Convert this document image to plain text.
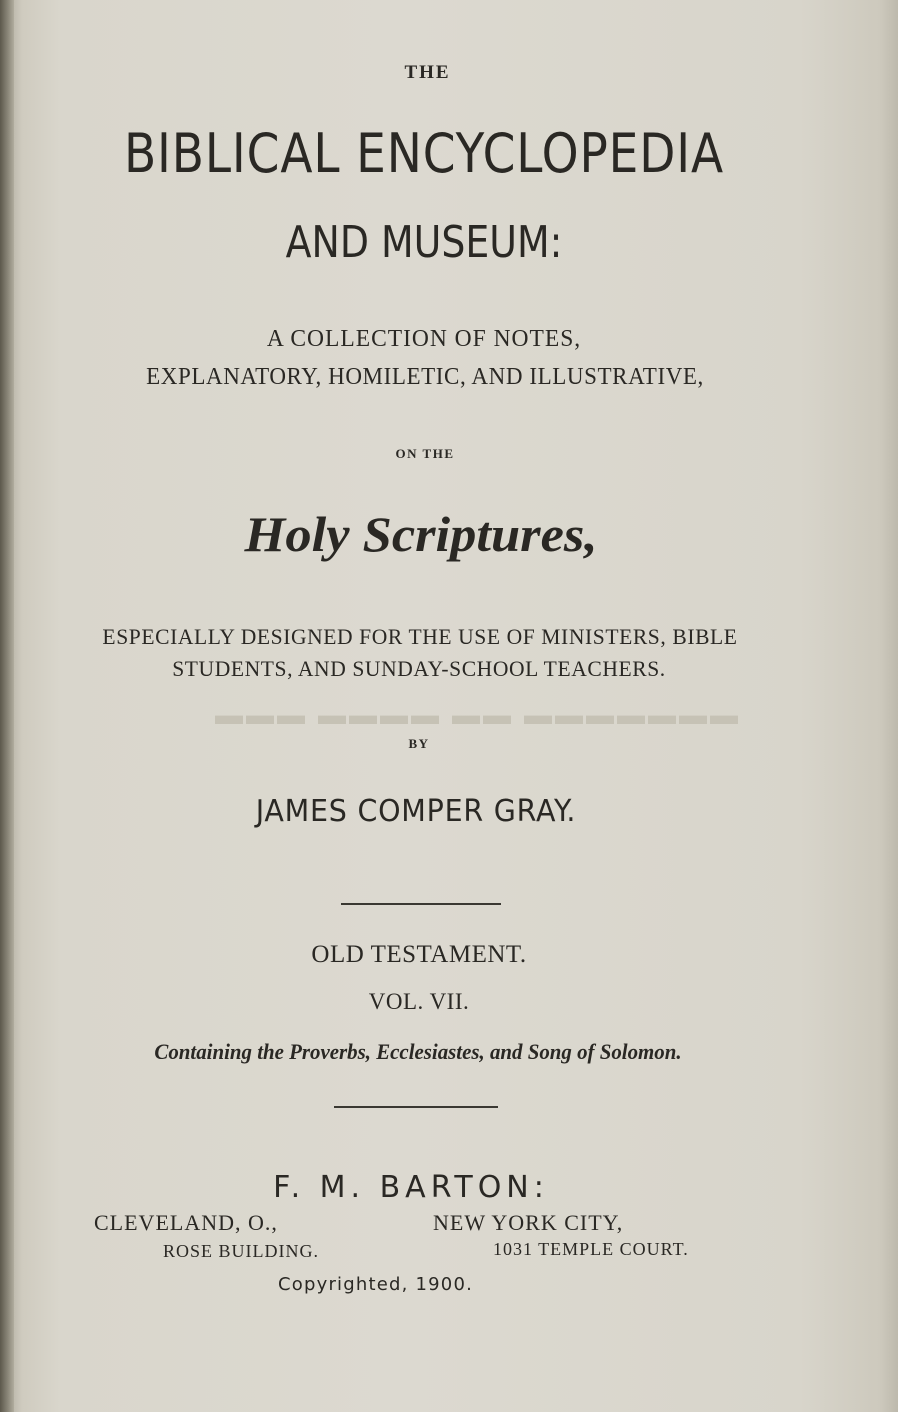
▬▬▬ ▬▬▬▬ ▬▬ ▬▬▬▬▬▬▬
THE
BIBLICAL ENCYCLOPEDIA
AND MUSEUM:
A COLLECTION OF NOTES,
EXPLANATORY, HOMILETIC, AND ILLUSTRATIVE,
ON THE
Holy Scriptures,
ESPECIALLY DESIGNED FOR THE USE OF MINISTERS, BIBLE
STUDENTS, AND SUNDAY-SCHOOL TEACHERS.
BY
JAMES COMPER GRAY.
OLD TESTAMENT.
VOL. VII.
Containing the Proverbs, Ecclesiastes, and Song of Solomon.
F. M. BARTON:
CLEVELAND, O.,	NEW YORK CITY,
ROSE BUILDING.	1031 TEMPLE COURT.
Copyrighted, 1900.
